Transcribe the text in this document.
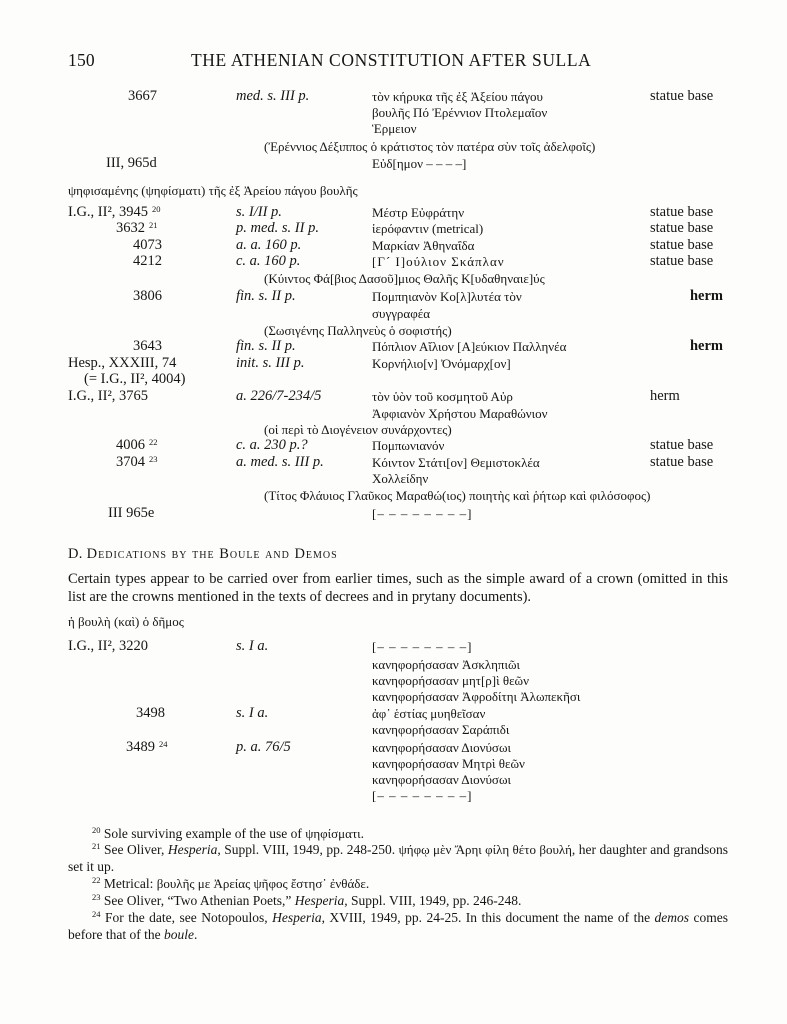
150	THE ATHENIAN CONSTITUTION AFTER SULLA
3667	med. s. III p.	τὸν κήρυκα τῆς ἐξ Ἀξείου πάγου	statue base
βουλῆς Πό Ἐρέννιον Πτολεμαῖον
Ἑρμειον
(Ἐρέννιος Δέξιππος ὁ κράτιστος τὸν πατέρα σὺν τοῖς ἀδελφοῖς)
III, 965d	Εὐδ[ημον – – – –]
ψηφισαμένης (ψηφίσματι) τῆς ἐξ Ἀρείου πάγου βουλῆς
I.G., II², 3945 20	s. I/II p.	Μέστρ Εὐφράτην	statue base
3632 21	p. med. s. II p.	ἱερόφαντιν (metrical)	statue base
4073	a. a. 160 p.	Μαρκίαν Ἀθηναΐδα	statue base
4212	c. a. 160 p.	[Γ´ Ι]ούλιον Σκάπλαν	statue base
(Κύιντος Φά[βιος Δασοῦ]μιος Θαλῆς Κ[υδαθηναιε]ύς
3806	fin. s. II p.	Πομπηιανὸν Κο[λ]λυτέα τὸν	herm
συγγραφέα
(Σωσιγένης Παλληνεὺς ὁ σοφιστής)
3643	fin. s. II p.	Πόπλιον Αἴλιον [Α]εύκιον Παλληνέα	herm
Hesp., XXXIII, 74	init. s. III p.	Κορνήλιο[ν] Ὀνόμαρχ[ον]
(= I.G., II², 4004)
I.G., II², 3765	a. 226/7-234/5	τὸν ὑὸν τοῦ κοσμητοῦ Αὐρ	herm
Ἀφφιανὸν Χρήστου Μαραθώνιον
(οἱ περὶ τὸ Διογένειον συνάρχοντες)
4006 22	c. a. 230 p.?	Πομπωνιανόν	statue base
3704 23	a. med. s. III p.	Κόιντον Στάτι[ον] Θεμιστοκλέα	statue base
Χολλείδην
(Τίτος Φλάυιος Γλαῦκος Μαραθώ(ιος) ποιητὴς καὶ ῥήτωρ καὶ φιλόσοφος)
III 965e	[– – – – – – – –]
D. Dedications by the Boule and Demos
Certain types appear to be carried over from earlier times, such as the simple award of a crown (omitted in this list are the crowns mentioned in the texts of decrees and in prytany documents).
ἡ βουλὴ (καὶ) ὁ δῆμος
I.G., II², 3220	s. I a.	[– – – – – – – –]
κανηφορήσασαν Ἀσκληπιῶι
κανηφορήσασαν μητ[ρ]ὶ θεῶν
κανηφορήσασαν Ἀφροδίτηι Ἀλωπεκῆσι
3498	s. I a.	ἀφ᾽ ἑστίας μυηθεῖσαν
κανηφορήσασαν Σαράπιδι
3489 24	p. a. 76/5	κανηφορήσασαν Διονύσωι
κανηφορήσασαν Μητρὶ θεῶν
κανηφορήσασαν Διονύσωι
[– – – – – – – –]
$^{20}$ Sole surviving example of the use of ψηφίσματι.
$^{21}$ See Oliver, Hesperia, Suppl. VIII, 1949, pp. 248-250. ψήφῳ μὲν Ἄρηι φίλη θέτο βουλή, her daughter and grandsons set it up.
$^{22}$ Metrical: βουλῆς με Ἀρείας ψῆφος ἔστησ᾽ ἐνθάδε.
$^{23}$ See Oliver, “Two Athenian Poets,” Hesperia, Suppl. VIII, 1949, pp. 246-248.
$^{24}$ For the date, see Notopoulos, Hesperia, XVIII, 1949, pp. 24-25. In this document the name of the demos comes before that of the boule.
